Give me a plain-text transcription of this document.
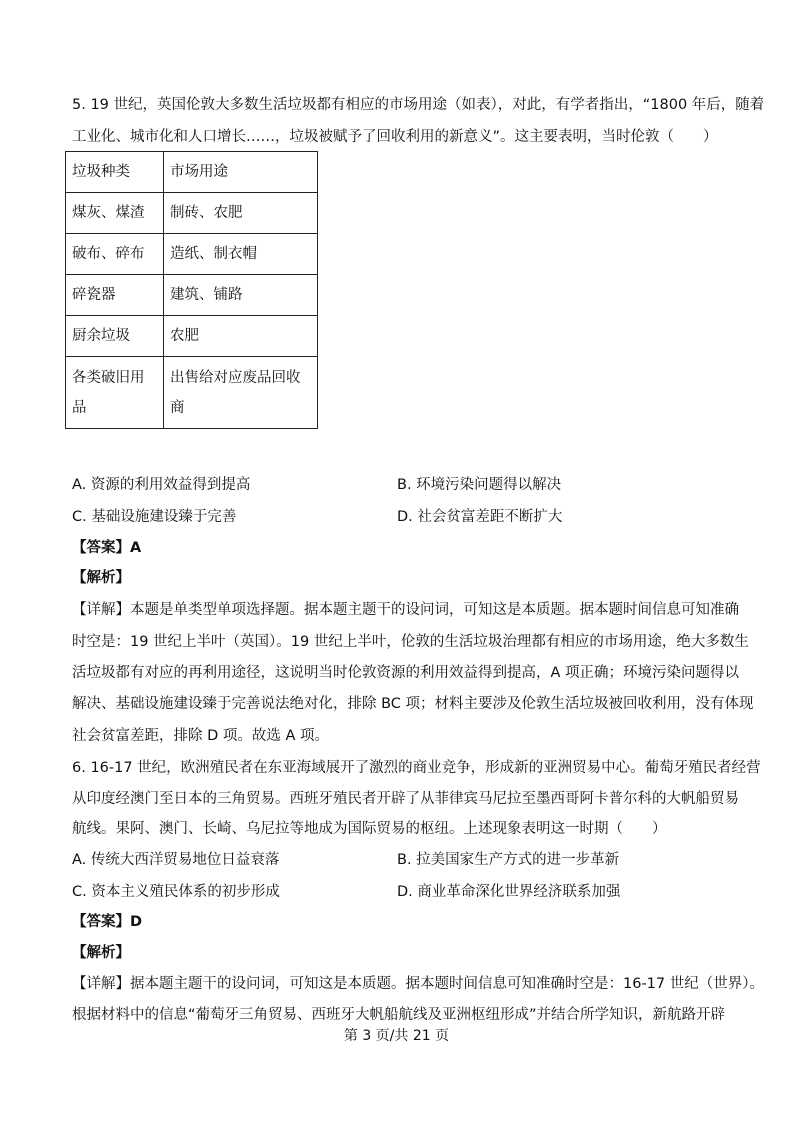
5. 19 世纪，英国伦敦大多数生活垃圾都有相应的市场用途（如表），对此，有学者指出，“1800 年后，随着
工业化、城市化和人口增长……，垃圾被赋予了回收利用的新意义”。这主要表明，当时伦敦（　　）
垃圾种类	市场用途
煤灰、煤渣	制砖、农肥
破布、碎布	造纸、制衣帽
碎瓷器	建筑、铺路
厨余垃圾	农肥
各类破旧用品	出售给对应废品回收商
A. 资源的利用效益得到提高	B. 环境污染问题得以解决
C. 基础设施建设臻于完善	D. 社会贫富差距不断扩大
【答案】A
【解析】
【详解】本题是单类型单项选择题。据本题主题干的设问词，可知这是本质题。据本题时间信息可知准确
时空是：19 世纪上半叶（英国）。19 世纪上半叶，伦敦的生活垃圾治理都有相应的市场用途，绝大多数生
活垃圾都有对应的再利用途径，这说明当时伦敦资源的利用效益得到提高，A 项正确；环境污染问题得以
解决、基础设施建设臻于完善说法绝对化，排除 BC 项；材料主要涉及伦敦生活垃圾被回收利用，没有体现
社会贫富差距，排除 D 项。故选 A 项。
6. 16-17 世纪，欧洲殖民者在东亚海域展开了激烈的商业竞争，形成新的亚洲贸易中心。葡萄牙殖民者经营
从印度经澳门至日本的三角贸易。西班牙殖民者开辟了从菲律宾马尼拉至墨西哥阿卡普尔科的大帆船贸易
航线。果阿、澳门、长崎、乌尼拉等地成为国际贸易的枢纽。上述现象表明这一时期（　　）
A. 传统大西洋贸易地位日益衰落	B. 拉美国家生产方式的进一步革新
C. 资本主义殖民体系的初步形成	D. 商业革命深化世界经济联系加强
【答案】D
【解析】
【详解】据本题主题干的设问词，可知这是本质题。据本题时间信息可知准确时空是：16-17 世纪（世界）。
根据材料中的信息“葡萄牙三角贸易、西班牙大帆船航线及亚洲枢纽形成”并结合所学知识，新航路开辟
第 3 页/共 21 页
